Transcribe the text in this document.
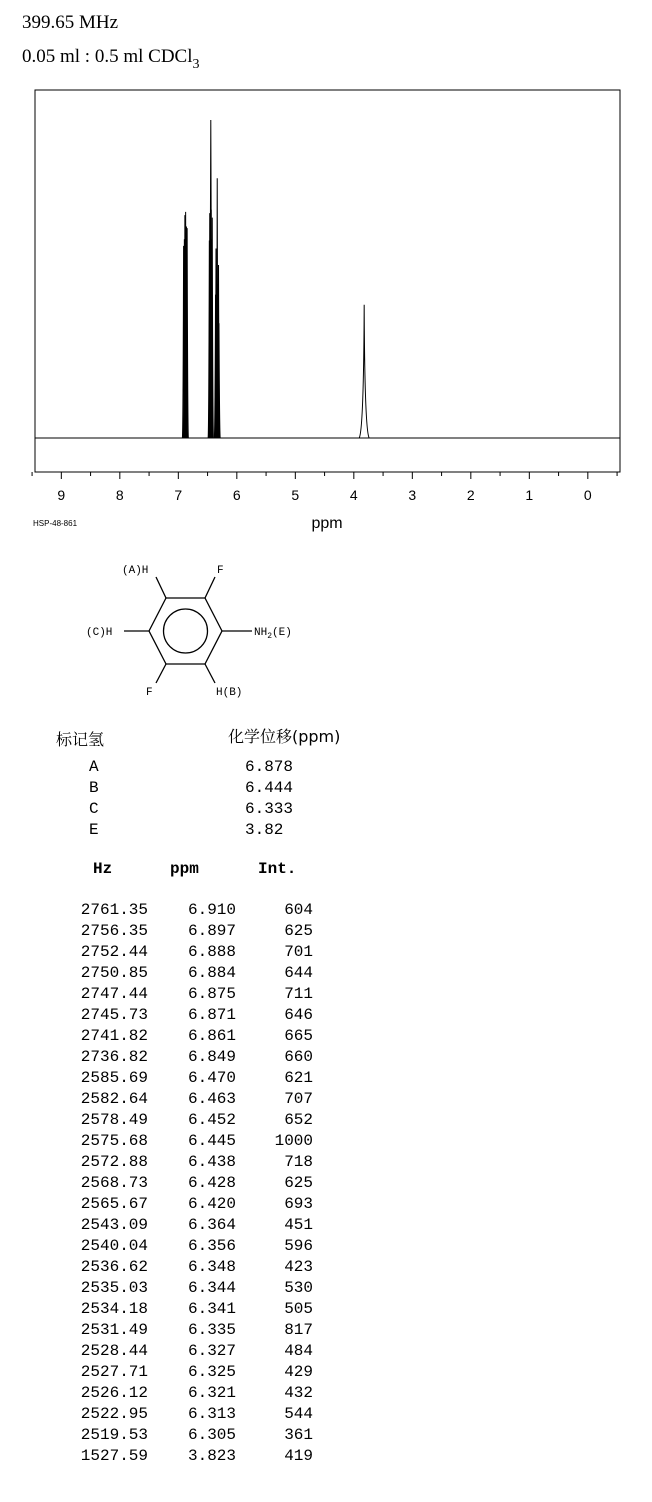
399.65 MHz
0.05 ml : 0.5 ml CDCl$_3$
9	8	7	6	5	4	3	2	1	0
ppm
HSP-48-861
(A)H	F
(C)H	$NH_2(E)$
F	H(B)
标记氢	化学位移(ppm)
A	6.878
B	6.444
C	6.333
E	3.82
Hz	ppm	Int.
2761.35 6.910	604
2756.35 6.897	625
2752.44 6.888	701
2750.85 6.884	644
2747.44 6.875	711
2745.73 6.871	646
2741.82 6.861	665
2736.82 6.849	660
2585.69 6.470	621
2582.64 6.463	707
2578.49 6.452	652
2575.68 6.445 1000
2572.88 6.438	718
2568.73 6.428	625
2565.67 6.420	693
2543.09 6.364	451
2540.04 6.356	596
2536.62 6.348	423
2535.03 6.344	530
2534.18 6.341	505
2531.49 6.335	817
2528.44 6.327	484
2527.71 6.325	429
2526.12 6.321	432
2522.95 6.313	544
2519.53 6.305	361
1527.59 3.823	419
